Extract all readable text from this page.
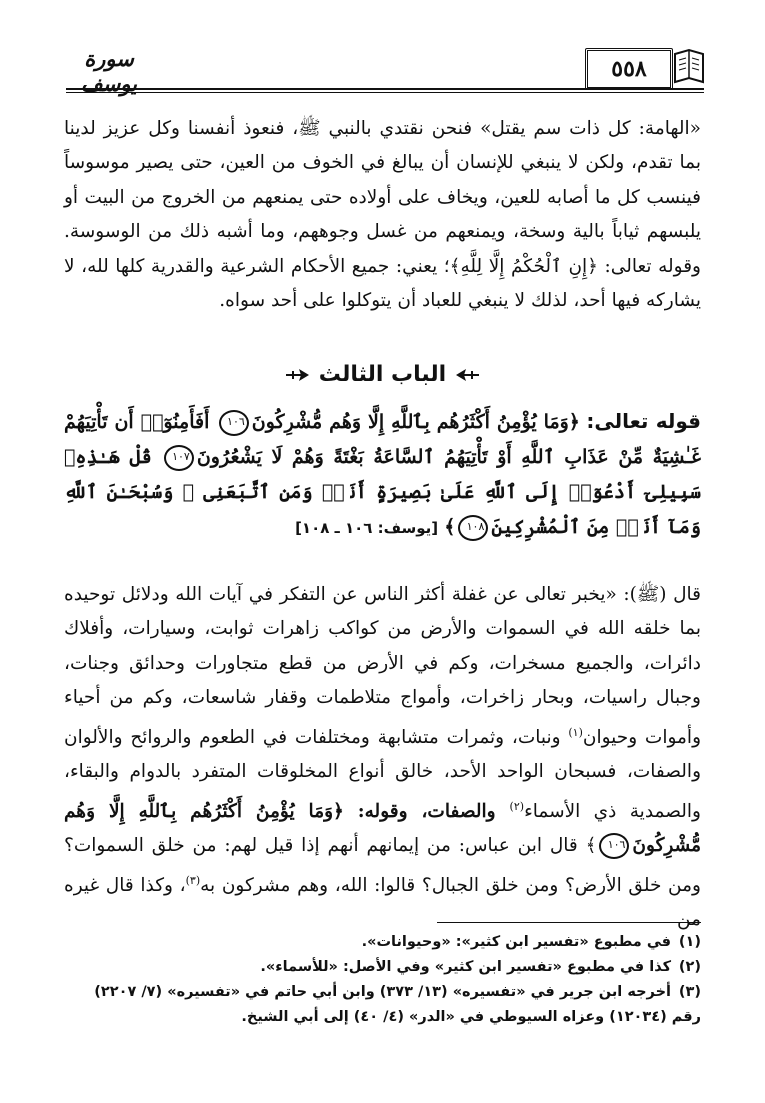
سورة يوسف
٥٥٨

«الهامة: كل ذات سم يقتل» فنحن نقتدي بالنبي ﷺ، فنعوذ أنفسنا وكل عزيز لدينا بما تقدم، ولكن لا ينبغي للإنسان أن يبالغ في الخوف من العين، حتى يصير موسوساً فينسب كل ما أصابه للعين، ويخاف على أولاده حتى يمنعهم من الخروج من البيت أو يلبسهم ثياباً بالية وسخة، ويمنعهم من غسل وجوههم، وما أشبه ذلك من الوسوسة. وقوله تعالى: ﴿إِنِ ٱلْحُكْمُ إِلَّا لِلَّهِ﴾؛ يعني: جميع الأحكام الشرعية والقدرية كلها لله، لا يشاركه فيها أحد، لذلك لا ينبغي للعباد أن يتوكلوا على أحد سواه.

الباب الثالث

قوله تعالى: ﴿وَمَا يُؤْمِنُ أَكْثَرُهُم بِٱللَّهِ إِلَّا وَهُم مُّشْرِكُونَ١٠٦ أَفَأَمِنُوٓا۟ أَن تَأْتِيَهُمْ غَـٰشِيَةٌ مِّنْ عَذَابِ ٱللَّهِ أَوْ تَأْتِيَهُمُ ٱلسَّاعَةُ بَغْتَةً وَهُمْ لَا يَشْعُرُونَ١٠٧ قُلْ هَـٰذِهِۦ سَبِيلِىٓ أَدْعُوٓا۟ إِلَى ٱللَّهِ عَلَىٰ بَصِيرَةٍ أَنَا۠ وَمَنِ ٱتَّبَعَنِى ۖ وَسُبْحَـٰنَ ٱللَّهِ وَمَآ أَنَا۠ مِنَ ٱلْمُشْرِكِينَ١٠٨﴾ [يوسف: ١٠٦ ـ ١٠٨]

قال (ﷺ): «يخبر تعالى عن غفلة أكثر الناس عن التفكر في آيات الله ودلائل توحيده بما خلقه الله في السموات والأرض من كواكب زاهرات ثوابت، وسيارات، وأفلاك دائرات، والجميع مسخرات، وكم في الأرض من قطع متجاورات وحدائق وجنات، وجبال راسيات، وبحار زاخرات، وأمواج متلاطمات وقفار شاسعات، وكم من أحياء وأموات وحيوان$^{(١)}$ ونبات، وثمرات متشابهة ومختلفات في الطعوم والروائح والألوان والصفات، فسبحان الواحد الأحد، خالق أنواع المخلوقات المتفرد بالدوام والبقاء، والصمدية ذي الأسماء$^{(٢)}$ والصفات، وقوله: ﴿وَمَا يُؤْمِنُ أَكْثَرُهُم بِٱللَّهِ إِلَّا وَهُم مُّشْرِكُونَ١٠٦﴾ قال ابن عباس: من إيمانهم أنهم إذا قيل لهم: من خلق السموات؟ ومن خلق الأرض؟ ومن خلق الجبال؟ قالوا: الله، وهم مشركون به$^{(٣)}$، وكذا قال غيره من

(١)في مطبوع «تفسير ابن كثير»: «وحيوانات».
(٢)كذا في مطبوع «تفسير ابن كثير» وفي الأصل: «للأسماء».
(٣)أخرجه ابن جرير في «تفسيره» (١٣/ ٣٧٣) وابن أبي حاتم في «تفسيره» (٧/ ٢٢٠٧) رقم (١٢٠٣٤) وعزاه السيوطي في «الدر» (٤/ ٤٠) إلى أبي الشيخ.
